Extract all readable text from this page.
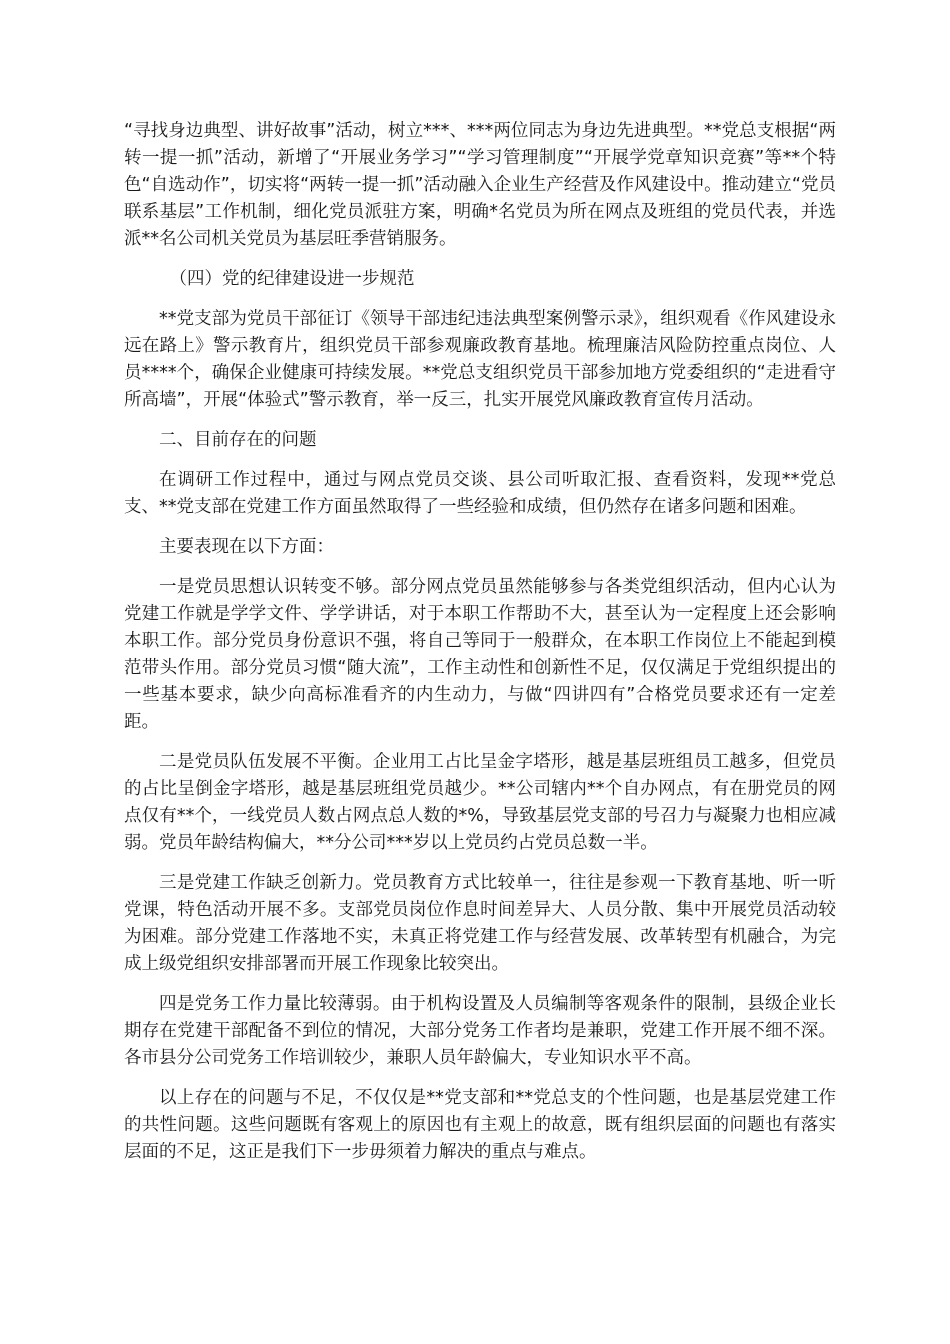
“寻找身边典型、讲好故事”活动，树立***、***两位同志为身边先进典型。**党总支根据“两转一提一抓”活动，新增了“开展业务学习”“学习管理制度”“开展学党章知识竞赛”等**个特色“自选动作”，切实将“两转一提一抓”活动融入企业生产经营及作风建设中。推动建立“党员联系基层”工作机制，细化党员派驻方案，明确*名党员为所在网点及班组的党员代表，并选派**名公司机关党员为基层旺季营销服务。

（四）党的纪律建设进一步规范

**党支部为党员干部征订《领导干部违纪违法典型案例警示录》，组织观看《作风建设永远在路上》警示教育片，组织党员干部参观廉政教育基地。梳理廉洁风险防控重点岗位、人员****个，确保企业健康可持续发展。**党总支组织党员干部参加地方党委组织的“走进看守所高墙”，开展“体验式”警示教育，举一反三，扎实开展党风廉政教育宣传月活动。

二、目前存在的问题

在调研工作过程中，通过与网点党员交谈、县公司听取汇报、查看资料，发现**党总支、**党支部在党建工作方面虽然取得了一些经验和成绩，但仍然存在诸多问题和困难。

主要表现在以下方面：

一是党员思想认识转变不够。部分网点党员虽然能够参与各类党组织活动，但内心认为党建工作就是学学文件、学学讲话，对于本职工作帮助不大，甚至认为一定程度上还会影响本职工作。部分党员身份意识不强，将自己等同于一般群众，在本职工作岗位上不能起到模范带头作用。部分党员习惯“随大流”，工作主动性和创新性不足，仅仅满足于党组织提出的一些基本要求，缺少向高标准看齐的内生动力，与做“四讲四有”合格党员要求还有一定差距。

二是党员队伍发展不平衡。企业用工占比呈金字塔形，越是基层班组员工越多，但党员的占比呈倒金字塔形，越是基层班组党员越少。**公司辖内**个自办网点，有在册党员的网点仅有**个，一线党员人数占网点总人数的*%，导致基层党支部的号召力与凝聚力也相应减弱。党员年龄结构偏大，**分公司***岁以上党员约占党员总数一半。

三是党建工作缺乏创新力。党员教育方式比较单一，往往是参观一下教育基地、听一听党课，特色活动开展不多。支部党员岗位作息时间差异大、人员分散、集中开展党员活动较为困难。部分党建工作落地不实，未真正将党建工作与经营发展、改革转型有机融合，为完成上级党组织安排部署而开展工作现象比较突出。

四是党务工作力量比较薄弱。由于机构设置及人员编制等客观条件的限制，县级企业长期存在党建干部配备不到位的情况，大部分党务工作者均是兼职，党建工作开展不细不深。各市县分公司党务工作培训较少，兼职人员年龄偏大，专业知识水平不高。

以上存在的问题与不足，不仅仅是**党支部和**党总支的个性问题，也是基层党建工作的共性问题。这些问题既有客观上的原因也有主观上的故意，既有组织层面的问题也有落实层面的不足，这正是我们下一步毋须着力解决的重点与难点。
